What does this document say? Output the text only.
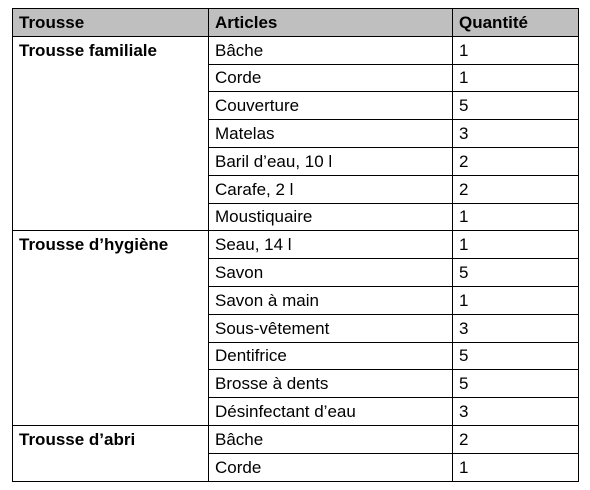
Trousse	Articles	Quantité
Trousse familiale	Bâche	1
	Corde	1
	Couverture	5
	Matelas	3
	Baril d’eau, 10 l	2
	Carafe, 2 l	2
	Moustiquaire	1
Trousse d’hygiène	Seau, 14 l	1
	Savon	5
	Savon à main	1
	Sous-vêtement	3
	Dentifrice	5
	Brosse à dents	5
	Désinfectant d’eau	3
Trousse d’abri	Bâche	2
	Corde	1
